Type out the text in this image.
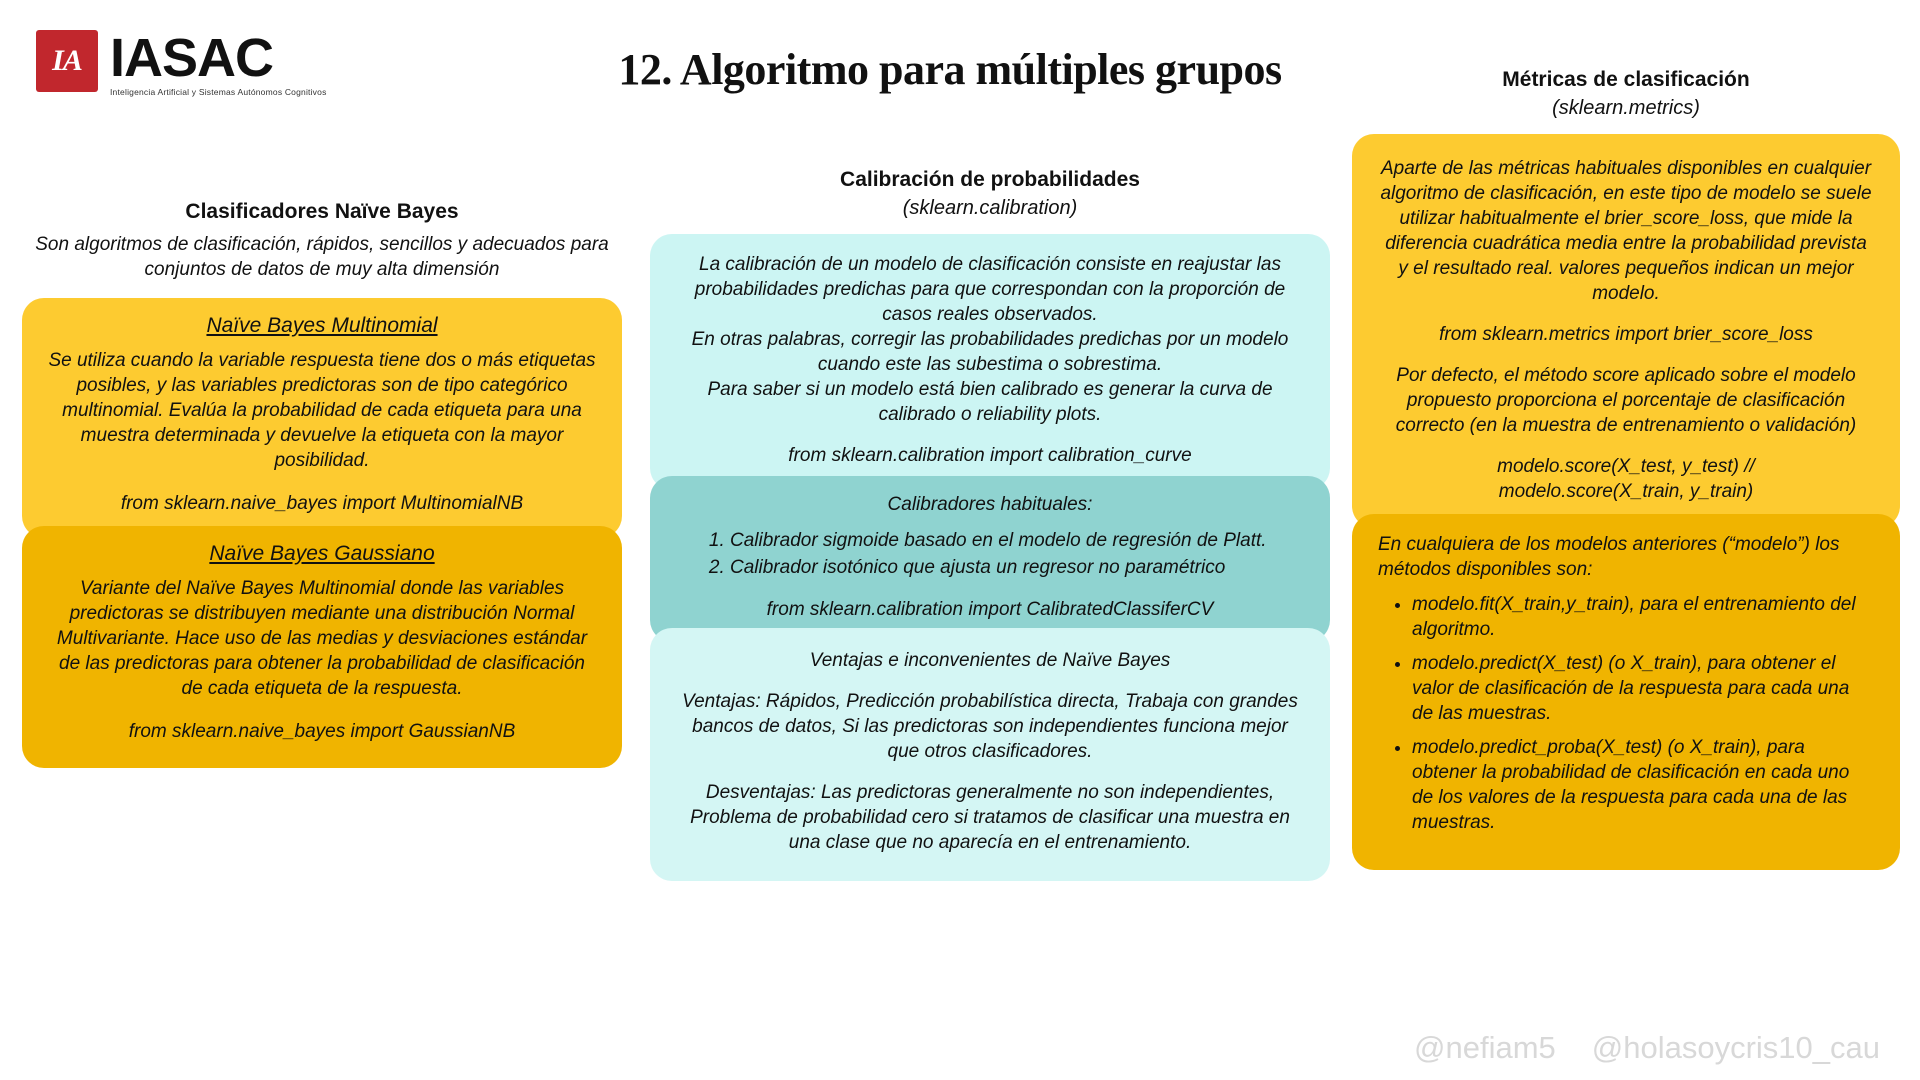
IA IASAC
Inteligencia Artificial y Sistemas Autónomos Cognitivos	12. Algoritmo para múltiples grupos
Clasificadores Naïve Bayes
Son algoritmos de clasificación, rápidos, sencillos y adecuados para conjuntos de datos de muy alta dimensión
Naïve Bayes Multinomial
Se utiliza cuando la variable respuesta tiene dos o más etiquetas posibles, y las variables predictoras son de tipo categórico multinomial. Evalúa la probabilidad de cada etiqueta para una muestra determinada y devuelve la etiqueta con la mayor posibilidad.
from sklearn.naive_bayes import MultinomialNB
Naïve Bayes Gaussiano
Variante del Naïve Bayes Multinomial donde las variables predictoras se distribuyen mediante una distribución Normal Multivariante. Hace uso de las medias y desviaciones estándar de las predictoras para obtener la probabilidad de clasificación de cada etiqueta de la respuesta.
from sklearn.naive_bayes import GaussianNB
Calibración de probabilidades
(sklearn.calibration)
La calibración de un modelo de clasificación consiste en reajustar las probabilidades predichas para que correspondan con la proporción de casos reales observados.
En otras palabras, corregir las probabilidades predichas por un modelo cuando este las subestima o sobrestima.
Para saber si un modelo está bien calibrado es generar la curva de calibrado o reliability plots.
from sklearn.calibration import calibration_curve
Calibradores habituales:
1. Calibrador sigmoide basado en el modelo de regresión de Platt.
2. Calibrador isotónico que ajusta un regresor no paramétrico
from sklearn.calibration import CalibratedClassiferCV
Ventajas e inconvenientes de Naïve Bayes
Ventajas: Rápidos, Predicción probabilística directa, Trabaja con grandes bancos de datos, Si las predictoras son independientes funciona mejor que otros clasificadores.
Desventajas: Las predictoras generalmente no son independientes, Problema de probabilidad cero si tratamos de clasificar una muestra en una clase que no aparecía en el entrenamiento.
Métricas de clasificación
(sklearn.metrics)
Aparte de las métricas habituales disponibles en cualquier algoritmo de clasificación, en este tipo de modelo se suele utilizar habitualmente el brier_score_loss, que mide la diferencia cuadrática media entre la probabilidad prevista y el resultado real. valores pequeños indican un mejor modelo.
from sklearn.metrics import brier_score_loss
Por defecto, el método score aplicado sobre el modelo propuesto proporciona el porcentaje de clasificación correcto (en la muestra de entrenamiento o validación)
modelo.score(X_test, y_test) //
modelo.score(X_train, y_train)
En cualquiera de los modelos anteriores (“modelo”) los métodos disponibles son:
• modelo.fit(X_train,y_train), para el entrenamiento del algoritmo.
• modelo.predict(X_test) (o X_train), para obtener el valor de clasificación de la respuesta para cada una de las muestras.
• modelo.predict_proba(X_test) (o X_train), para obtener la probabilidad de clasificación en cada uno de los valores de la respuesta para cada una de las muestras.
@nefiam5 @holasoycris10_cau
